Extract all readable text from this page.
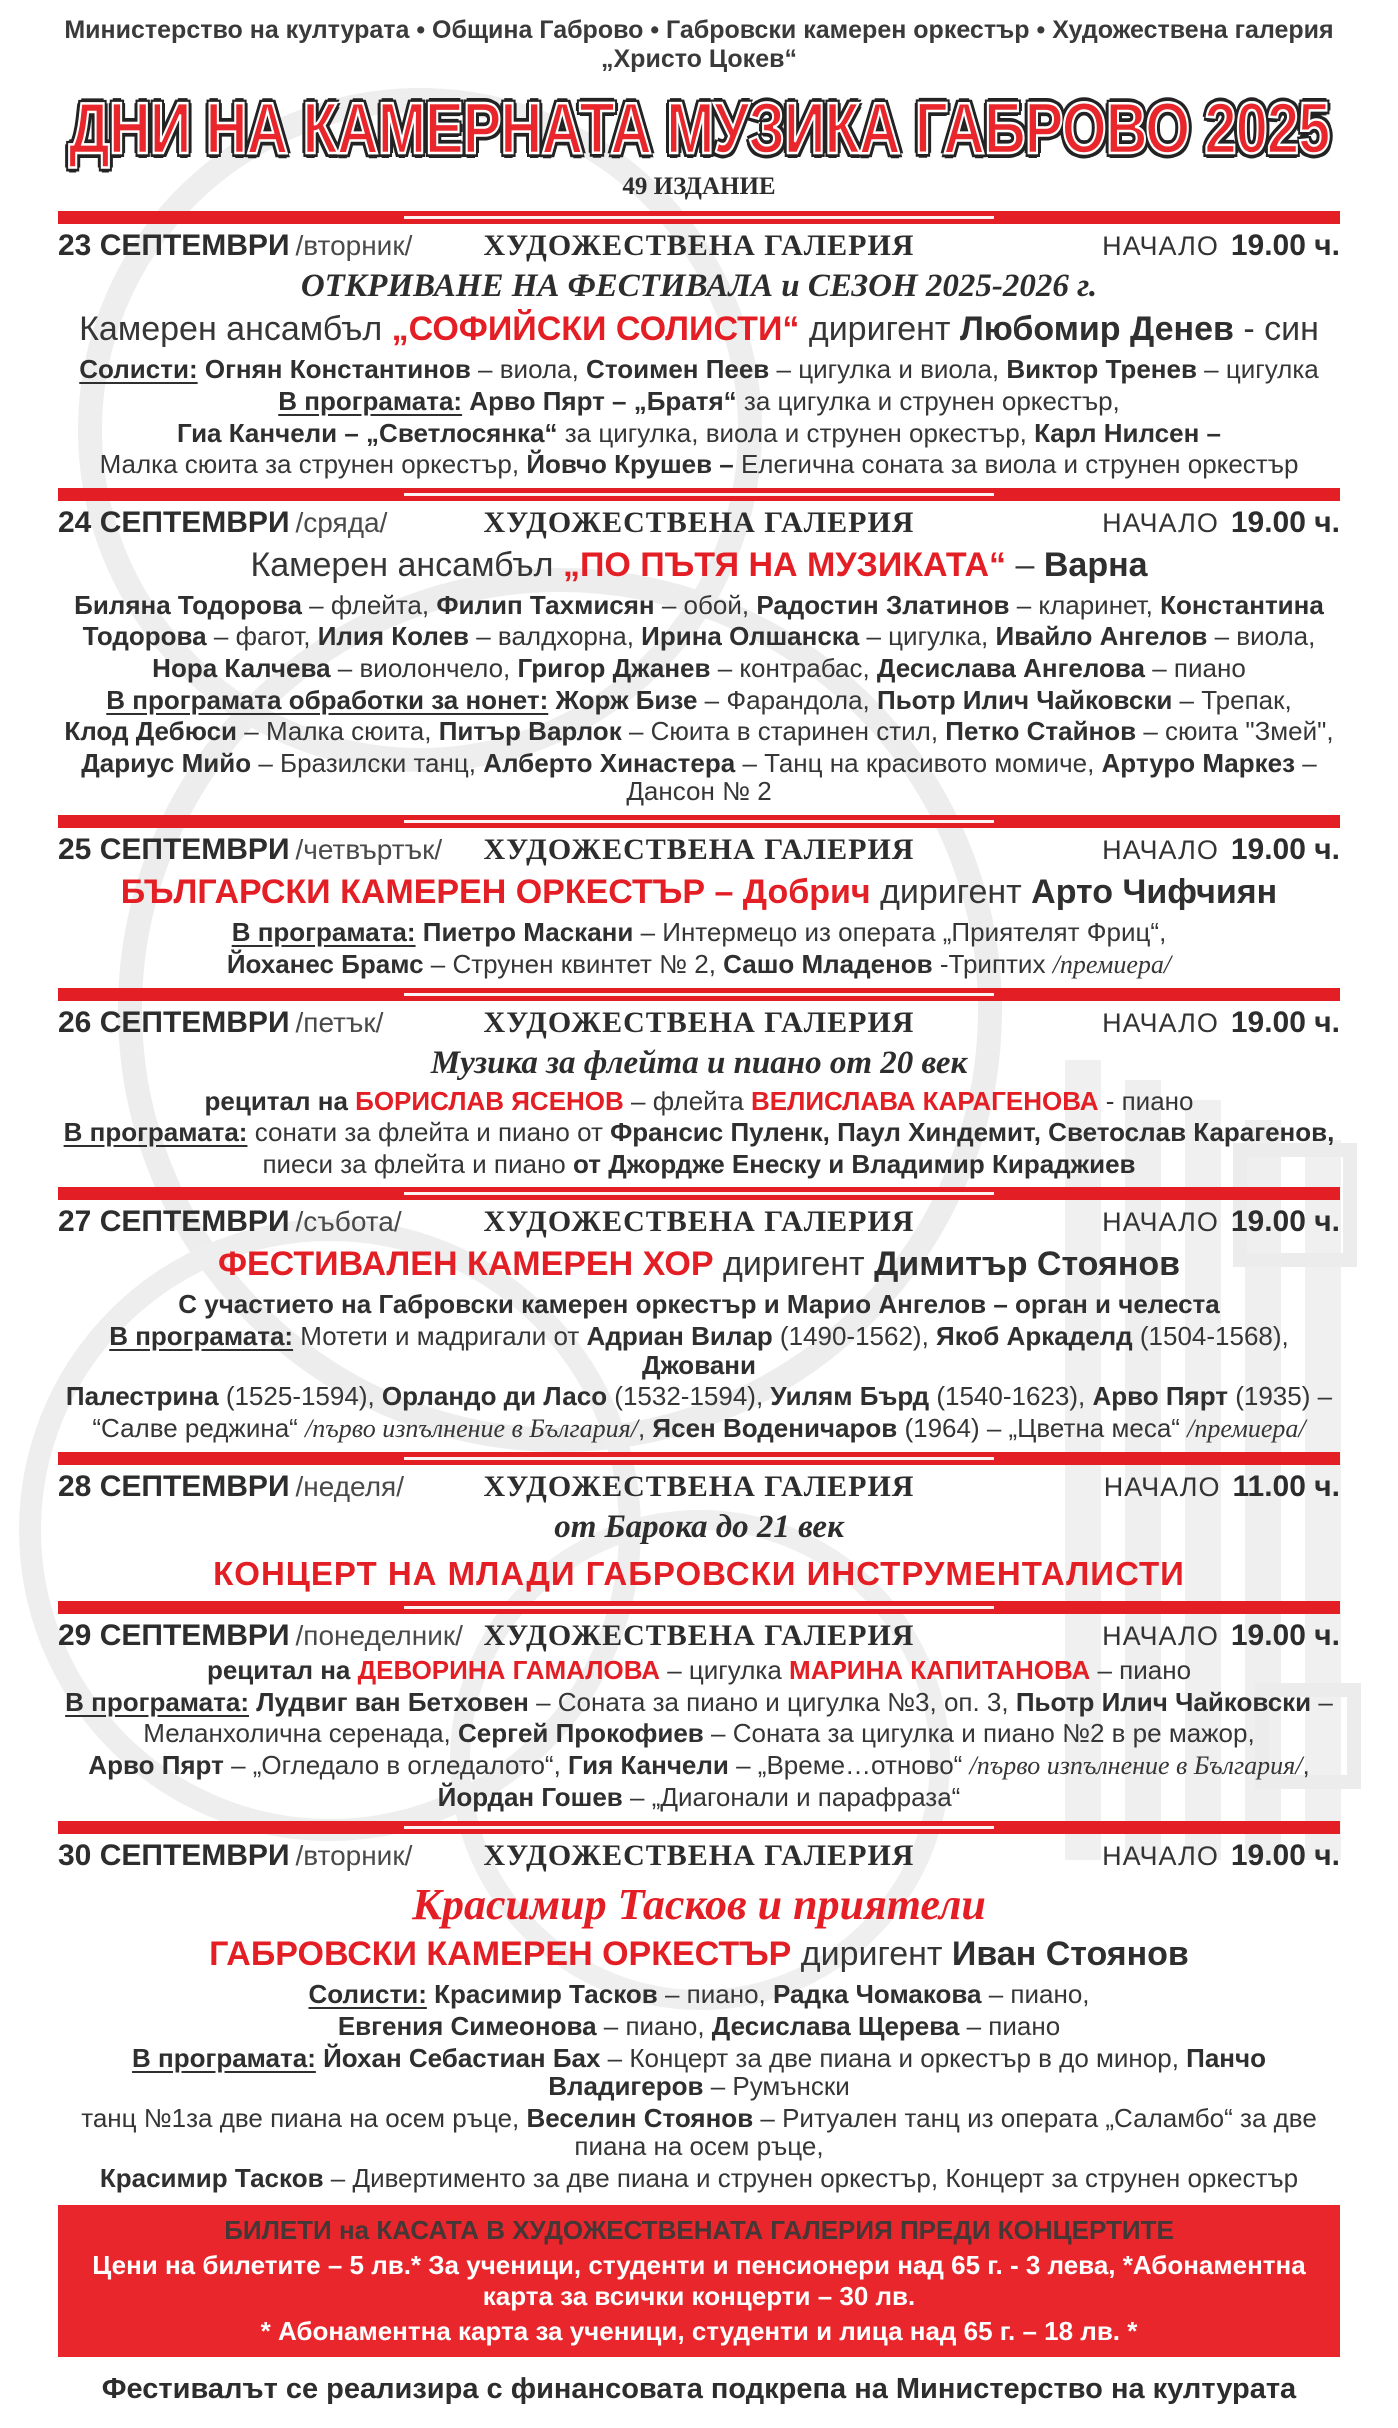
Министерство на културата • Община Габрово • Габровски камерен оркестър • Художествена галерия „Христо Цокев“
ДНИ НА КАМЕРНАТА МУЗИКА ГАБРОВО 2025
49 ИЗДАНИЕ
23 СЕПТЕМВРИ /вторник/ ХУДОЖЕСТВЕНА ГАЛЕРИЯ	НАЧАЛО 19.00 ч.
ОТКРИВАНЕ НА ФЕСТИВАЛА и СЕЗОН 2025-2026 г.
Камерен ансамбъл „СОФИЙСКИ СОЛИСТИ“ диригент Любомир Денев - син
Солисти: Огнян Константинов – виола, Стоимен Пеев – цигулка и виола, Виктор Тренев – цигулка
В програмата: Арво Пярт – „Братя“ за цигулка и струнен оркестър,
Гиа Канчели – „Светлосянка“ за цигулка, виола и струнен оркестър, Карл Нилсен –
Малка сюита за струнен оркестър, Йовчо Крушев – Елегична соната за виола и струнен оркестър
24 СЕПТЕМВРИ /сряда/	ХУДОЖЕСТВЕНА ГАЛЕРИЯ	НАЧАЛО 19.00 ч.
Камерен ансамбъл „ПО ПЪТЯ НА МУЗИКАТА“ – Варна
Биляна Тодорова – флейта, Филип Тахмисян – обой, Радостин Златинов – кларинет, Константина
Тодорова – фагот, Илия Колев – валдхорна, Ирина Олшанска – цигулка, Ивайло Ангелов – виола,
Нора Калчева – виолончело, Григор Джанев – контрабас, Десислава Ангелова – пиано
В програмата обработки за нонет: Жорж Бизе – Фарандола, Пьотр Илич Чайковски – Трепак,
Клод Дебюси – Малка сюита, Питър Варлок – Сюита в старинен стил, Петко Стайнов – сюита "Змей",
Дариус Мийо – Бразилски танц, Алберто Хинастера – Танц на красивото момиче, Артуро Маркез – Дансон № 2
25 СЕПТЕМВРИ /четвъртък/ ХУДОЖЕСТВЕНА ГАЛЕРИЯ	НАЧАЛО 19.00 ч.
БЪЛГАРСКИ КАМЕРЕН ОРКЕСТЪР – Добрич диригент Арто Чифчиян
В програмата: Пиетро Маскани – Интермецо из операта „Приятелят Фриц“,
Йоханес Брамс – Струнен квинтет № 2, Сашо Младенов -Триптих /премиера/
26 СЕПТЕМВРИ /петък/	ХУДОЖЕСТВЕНА ГАЛЕРИЯ	НАЧАЛО 19.00 ч.
Музика за флейта и пиано от 20 век
рецитал на БОРИСЛАВ ЯСЕНОВ – флейта ВЕЛИСЛАВА КАРАГЕНОВА - пиано
В програмата: сонати за флейта и пиано от Франсис Пуленк, Паул Хиндемит, Светослав Карагенов,
пиеси за флейта и пиано от Джордже Енеску и Владимир Кираджиев
27 СЕПТЕМВРИ /събота/	ХУДОЖЕСТВЕНА ГАЛЕРИЯ	НАЧАЛО 19.00 ч.
ФЕСТИВАЛЕН КАМЕРЕН ХОР диригент Димитър Стоянов
С участието на Габровски камерен оркестър и Марио Ангелов – орган и челеста
В програмата: Мотети и мадригали от Адриан Вилар (1490-1562), Якоб Аркаделд (1504-1568), Джовани
Палестрина (1525-1594), Орландо ди Ласо (1532-1594), Уилям Бърд (1540-1623), Арво Пярт (1935) –
“Салве реджина“ /първо изпълнение в България/, Ясен Воденичаров (1964) – „Цветна меса“ /премиера/
28 СЕПТЕМВРИ /неделя/	ХУДОЖЕСТВЕНА ГАЛЕРИЯ	НАЧАЛО 11.00 ч.
от Барока до 21 век
КОНЦЕРТ НА МЛАДИ ГАБРОВСКИ ИНСТРУМЕНТАЛИСТИ
29 СЕПТЕМВРИ /понеделник/ ХУДОЖЕСТВЕНА ГАЛЕРИЯ	НАЧАЛО 19.00 ч.
рецитал на ДЕВОРИНА ГАМАЛОВА – цигулка МАРИНА КАПИТАНОВА – пиано
В програмата: Лудвиг ван Бетховен – Соната за пиано и цигулка №3, оп. 3, Пьотр Илич Чайковски –
Меланхолична серенада, Сергей Прокофиев – Соната за цигулка и пиано №2 в ре мажор,
Арво Пярт – „Огледало в огледалото“, Гия Канчели – „Време…отново“ /първо изпълнение в България/,
Йордан Гошев – „Диагонали и парафраза“
30 СЕПТЕМВРИ /вторник/ ХУДОЖЕСТВЕНА ГАЛЕРИЯ	НАЧАЛО 19.00 ч.
Красимир Тасков и приятели
ГАБРОВСКИ КАМЕРЕН ОРКЕСТЪР диригент Иван Стоянов
Солисти: Красимир Тасков – пиано, Радка Чомакова – пиано,
Евгения Симеонова – пиано, Десислава Щерева – пиано
В програмата: Йохан Себастиан Бах – Концерт за две пиана и оркестър в до минор, Панчо Владигеров – Румънски
танц №1за две пиана на осем ръце, Веселин Стоянов – Ритуален танц из операта „Саламбо“ за две пиана на осем ръце,
Красимир Тасков – Дивертименто за две пиана и струнен оркестър, Концерт за струнен оркестър
БИЛЕТИ на КАСАТА В ХУДОЖЕСТВЕНАТА ГАЛЕРИЯ ПРЕДИ КОНЦЕРТИТЕ
Цени на билетите – 5 лв.* За ученици, студенти и пенсионери над 65 г. - 3 лева, *Абонаментна карта за всички концерти – 30 лв.
* Абонаментна карта за ученици, студенти и лица над 65 г. – 18 лв. *
Фестивалът се реализира с финансовата подкрепа на Министерство на културата
